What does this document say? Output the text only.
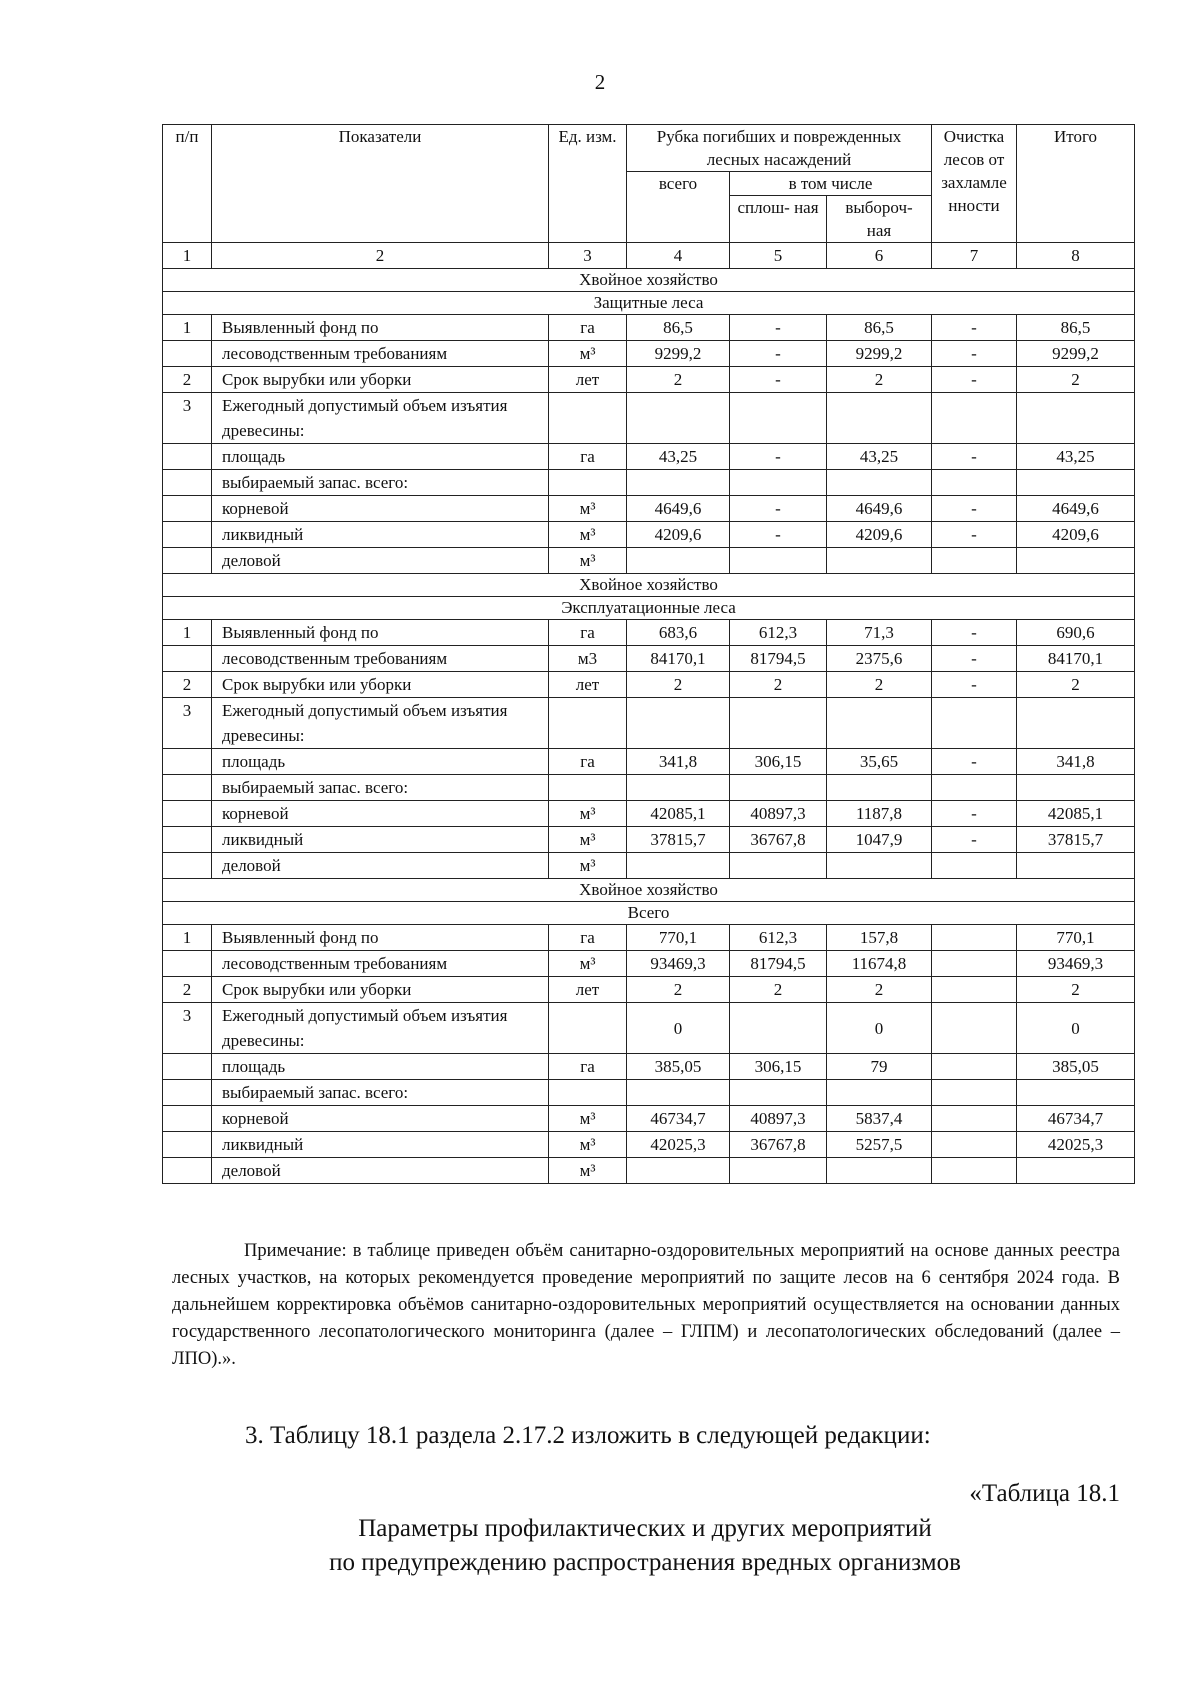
2
п/п	Показатели	Ед. изм.	Рубка погибших и поврежденных лесных насаждений			Очистка лесов от захламле нности	Итого
			всего	в том числе			
				сплош- ная	выбороч- ная		
1	2	3	4	5	6	7	8
Хвойное хозяйство							
Защитные леса							
1	Выявленный фонд по	га	86,5	-	86,5	-	86,5
	лесоводственным требованиям	м³	9299,2	-	9299,2	-	9299,2
2	Срок вырубки или уборки	лет	2	-	2	-	2
3	Ежегодный допустимый объем изъятия древесины:						
	площадь	га	43,25	-	43,25	-	43,25
	выбираемый запас. всего:						
	корневой	м³	4649,6	-	4649,6	-	4649,6
	ликвидный	м³	4209,6	-	4209,6	-	4209,6
	деловой	м³					
Хвойное хозяйство							
Эксплуатационные леса							
1	Выявленный фонд по	га	683,6	612,3	71,3	-	690,6
	лесоводственным требованиям	м3	84170,1	81794,5	2375,6	-	84170,1
2	Срок вырубки или уборки	лет	2	2	2	-	2
3	Ежегодный допустимый объем изъятия древесины:						
	площадь	га	341,8	306,15	35,65	-	341,8
	выбираемый запас. всего:						
	корневой	м³	42085,1	40897,3	1187,8	-	42085,1
	ликвидный	м³	37815,7	36767,8	1047,9	-	37815,7
	деловой	м³					
Хвойное хозяйство							
Всего							
1	Выявленный фонд по	га	770,1	612,3	157,8		770,1
	лесоводственным требованиям	м³	93469,3	81794,5	11674,8		93469,3
2	Срок вырубки или уборки	лет	2	2	2		2
3	Ежегодный допустимый объем изъятия древесины:		0		0		0
	площадь	га	385,05	306,15	79		385,05
	выбираемый запас. всего:						
	корневой	м³	46734,7	40897,3	5837,4		46734,7
	ликвидный	м³	42025,3	36767,8	5257,5		42025,3
	деловой	м³					
Примечание: в таблице приведен объём санитарно-оздоровительных мероприятий на основе данных реестра лесных участков, на которых рекомендуется проведение мероприятий по защите лесов на 6 сентября 2024 года. В дальнейшем корректировка объёмов санитарно-оздоровительных мероприятий осуществляется на основании данных государственного лесопатологического мониторинга (далее – ГЛПМ) и лесопатологических обследований (далее – ЛПО).».
3. Таблицу 18.1 раздела 2.17.2 изложить в следующей редакции:
«Таблица 18.1
Параметры профилактических и других мероприятий
по предупреждению распространения вредных организмов
